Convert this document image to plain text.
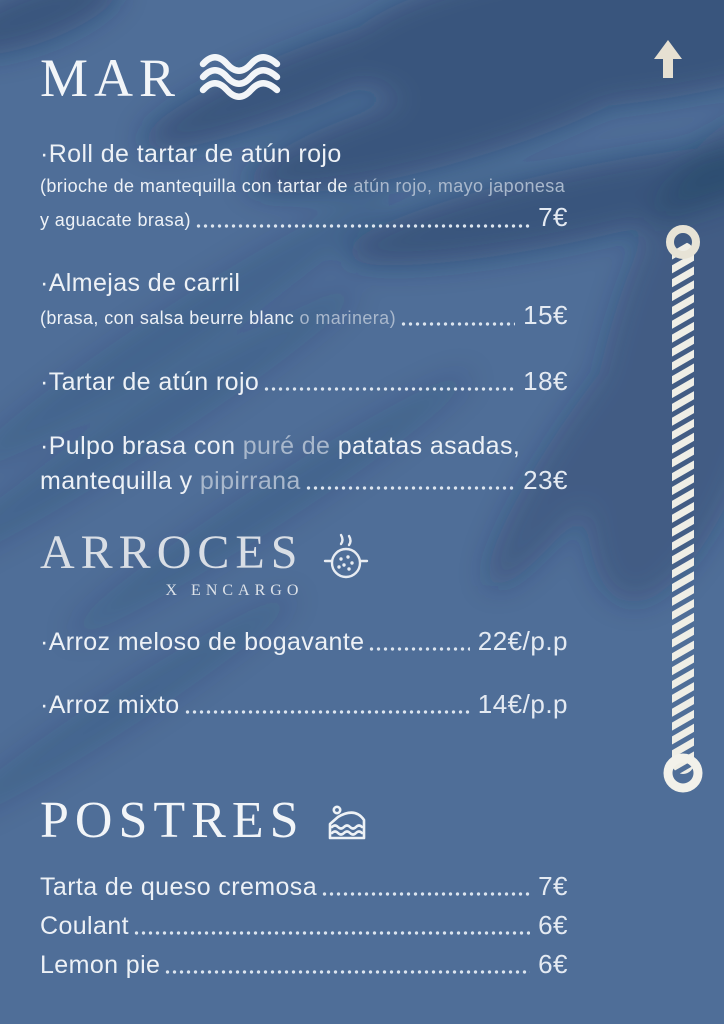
MAR
·Roll de tartar de atún rojo
(brioche de mantequilla con tartar de atún rojo, mayo japonesa
y aguacate brasa)	7€
·Almejas de carril
(brasa, con salsa beurre blanc o marinera)	15€
·Tartar de atún rojo	18€
·Pulpo brasa con puré de patatas asadas,
mantequilla y pipirrana	23€
ARROCES
X ENCARGO
·Arroz meloso de bogavante	22€/p.p
·Arroz mixto	14€/p.p
POSTRES
Tarta de queso cremosa	7€
Coulant	6€
Lemon pie	6€
